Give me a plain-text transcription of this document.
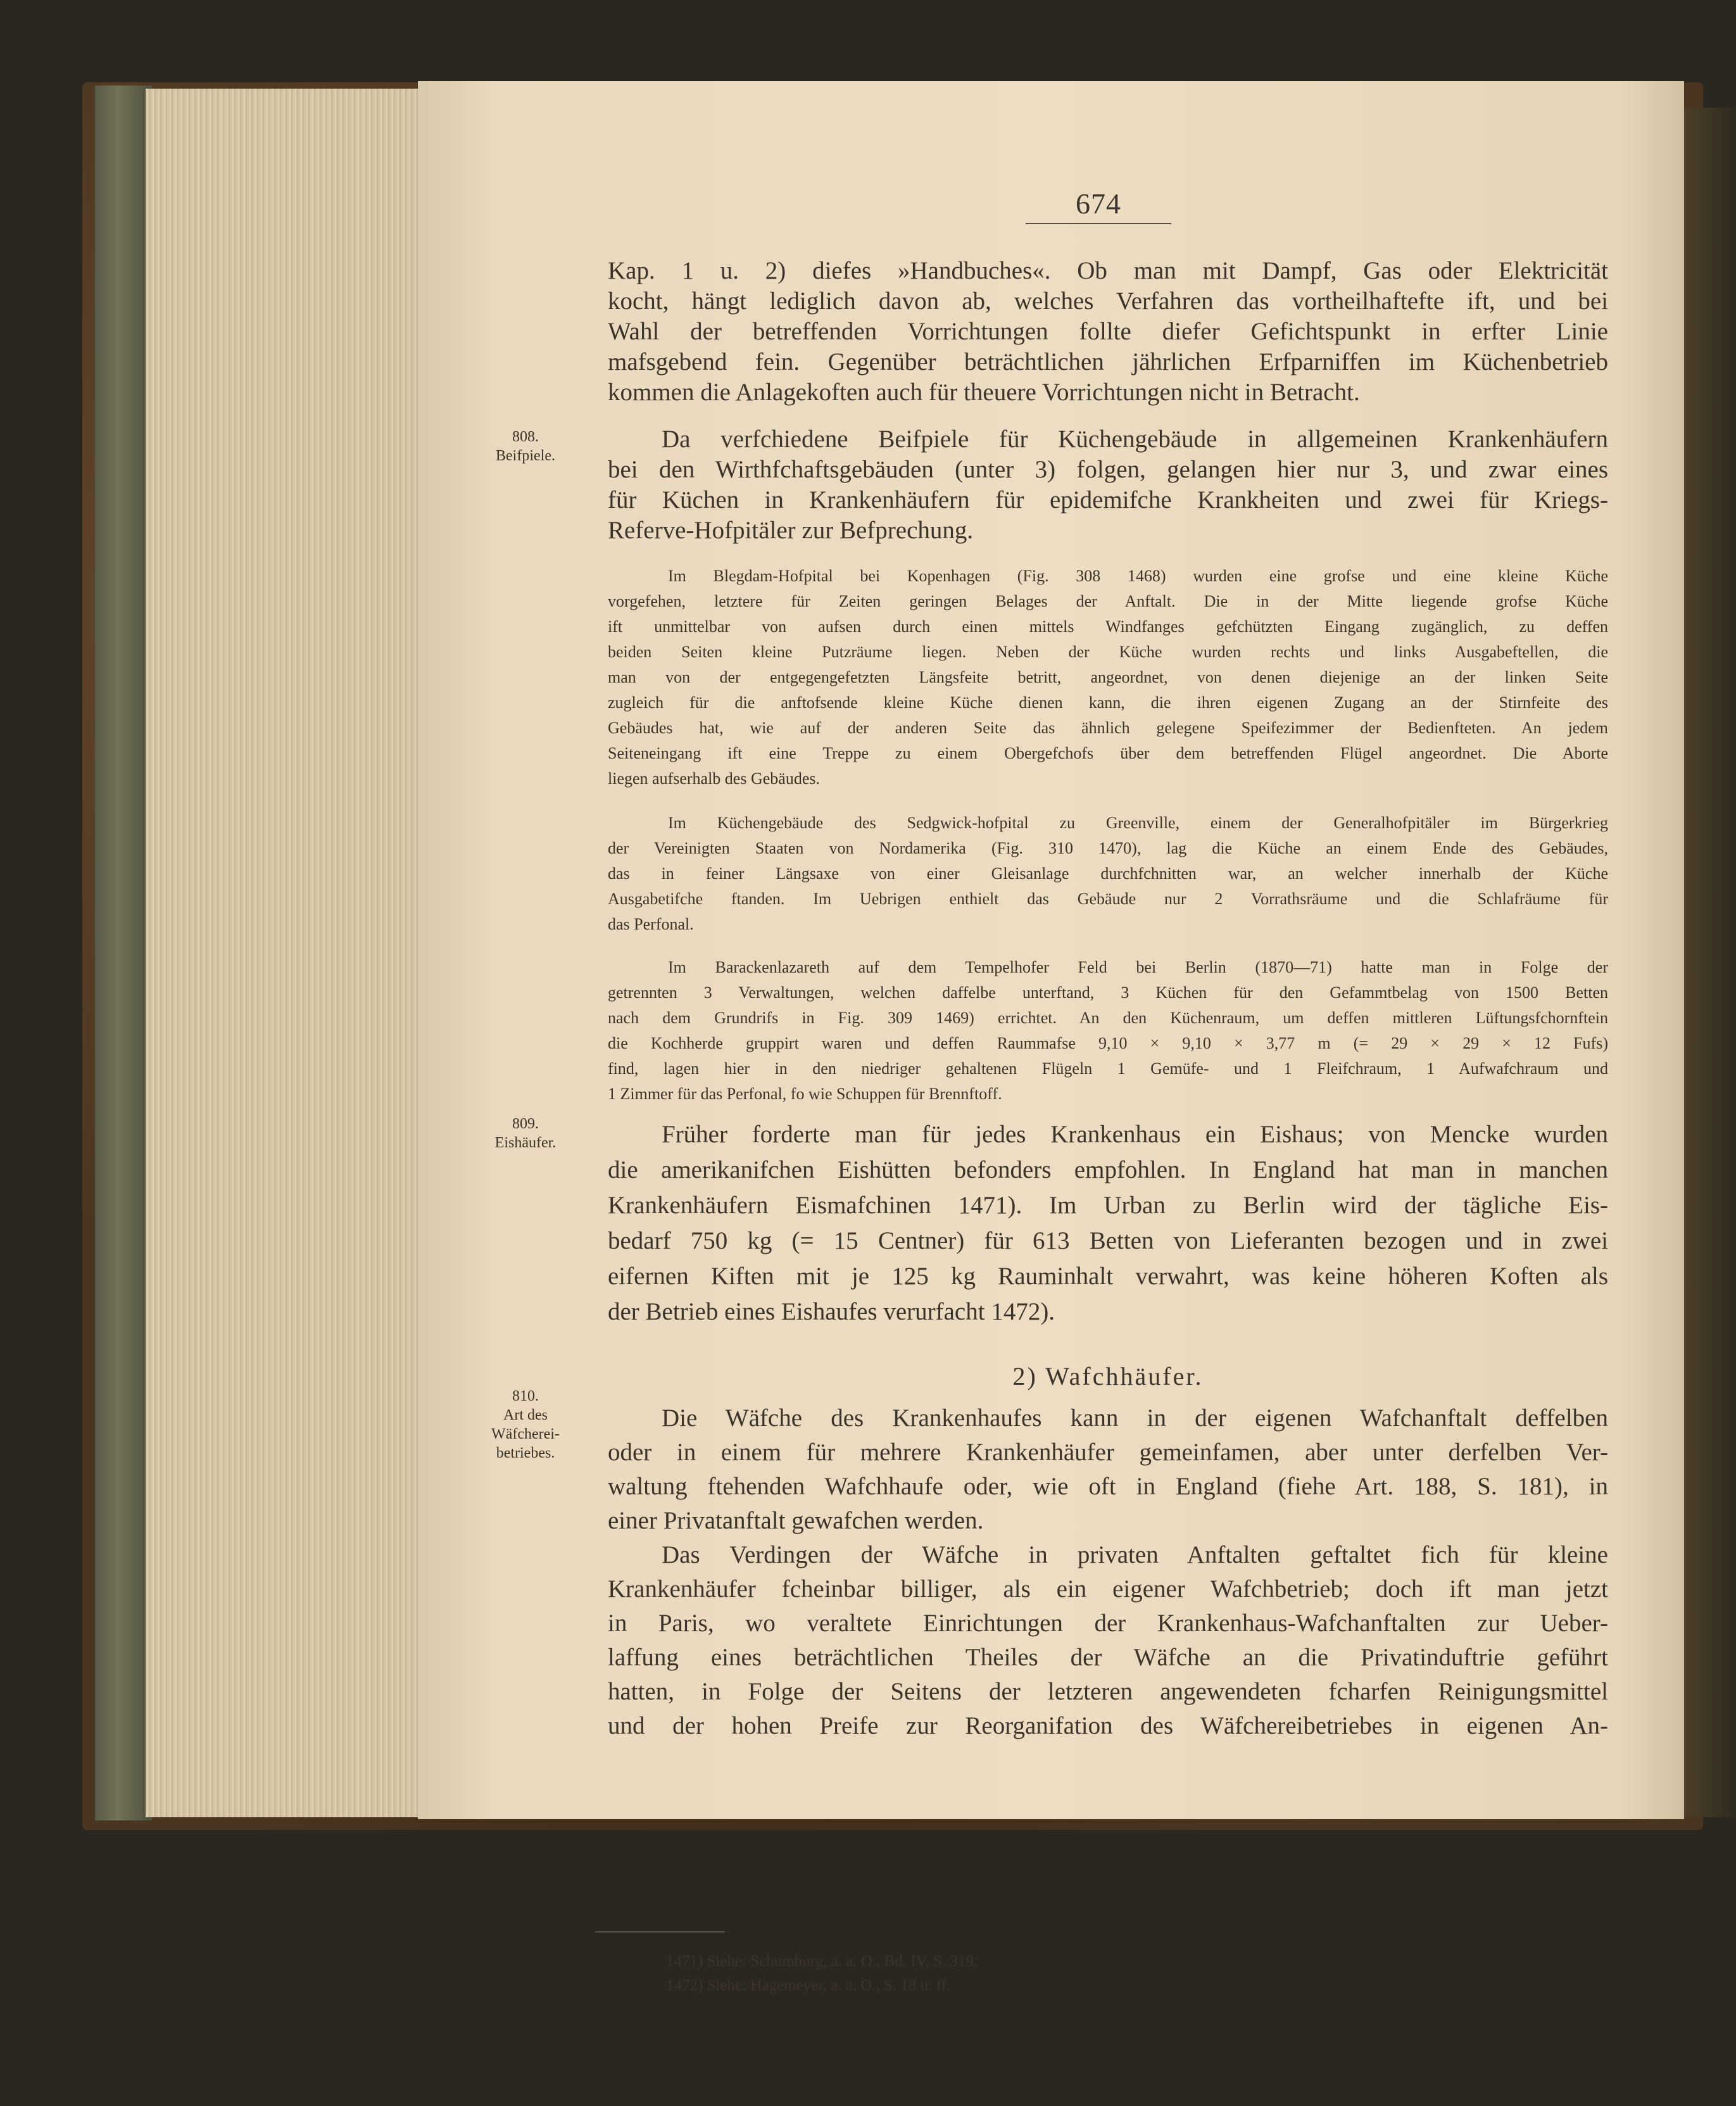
674
808.
Beifpiele.
809.
Eishäufer.
810.
Art des
Wäfcherei-
betriebes.
Kap. 1 u. 2) diefes »Handbuches«. Ob man mit Dampf, Gas oder Elektricität
kocht, hängt lediglich davon ab, welches Verfahren das vortheilhaftefte ift, und bei
Wahl der betreffenden Vorrichtungen follte diefer Gefichtspunkt in erfter Linie
mafsgebend fein. Gegenüber beträchtlichen jährlichen Erfparniffen im Küchenbetrieb
kommen die Anlagekoften auch für theuere Vorrichtungen nicht in Betracht.
Da verfchiedene Beifpiele für Küchengebäude in allgemeinen Krankenhäufern
bei den Wirthfchaftsgebäuden (unter 3) folgen, gelangen hier nur 3, und zwar eines
für Küchen in Krankenhäufern für epidemifche Krankheiten und zwei für Kriegs-
Referve-Hofpitäler zur Befprechung.
Im Blegdam-Hofpital bei Kopenhagen (Fig. 308 1468) wurden eine grofse und eine kleine Küche
vorgefehen, letztere für Zeiten geringen Belages der Anftalt. Die in der Mitte liegende grofse Küche
ift unmittelbar von aufsen durch einen mittels Windfanges gefchützten Eingang zugänglich, zu deffen
beiden Seiten kleine Putzräume liegen. Neben der Küche wurden rechts und links Ausgabeftellen, die
man von der entgegengefetzten Längsfeite betritt, angeordnet, von denen diejenige an der linken Seite
zugleich für die anftofsende kleine Küche dienen kann, die ihren eigenen Zugang an der Stirnfeite des
Gebäudes hat, wie auf der anderen Seite das ähnlich gelegene Speifezimmer der Bedienfteten. An jedem
Seiteneingang ift eine Treppe zu einem Obergefchofs über dem betreffenden Flügel angeordnet. Die Aborte
liegen aufserhalb des Gebäudes.
Im Küchengebäude des Sedgwick-hofpital zu Greenville, einem der Generalhofpitäler im Bürgerkrieg
der Vereinigten Staaten von Nordamerika (Fig. 310 1470), lag die Küche an einem Ende des Gebäudes,
das in feiner Längsaxe von einer Gleisanlage durchfchnitten war, an welcher innerhalb der Küche
Ausgabetifche ftanden. Im Uebrigen enthielt das Gebäude nur 2 Vorrathsräume und die Schlafräume für
das Perfonal.
Im Barackenlazareth auf dem Tempelhofer Feld bei Berlin (1870—71) hatte man in Folge der
getrennten 3 Verwaltungen, welchen daffelbe unterftand, 3 Küchen für den Gefammtbelag von 1500 Betten
nach dem Grundrifs in Fig. 309 1469) errichtet. An den Küchenraum, um deffen mittleren Lüftungsfchornftein
die Kochherde gruppirt waren und deffen Raummafse 9,10 × 9,10 × 3,77 m (= 29 × 29 × 12 Fufs)
find, lagen hier in den niedriger gehaltenen Flügeln 1 Gemüfe- und 1 Fleifchraum, 1 Aufwafchraum und
1 Zimmer für das Perfonal, fo wie Schuppen für Brennftoff.
Früher forderte man für jedes Krankenhaus ein Eishaus; von Mencke wurden
die amerikanifchen Eishütten befonders empfohlen. In England hat man in manchen
Krankenhäufern Eismafchinen 1471). Im Urban zu Berlin wird der tägliche Eis-
bedarf 750 kg (= 15 Centner) für 613 Betten von Lieferanten bezogen und in zwei
eifernen Kiften mit je 125 kg Rauminhalt verwahrt, was keine höheren Koften als
der Betrieb eines Eishaufes verurfacht 1472).
2) Wafchhäufer.
Die Wäfche des Krankenhaufes kann in der eigenen Wafchanftalt deffelben
oder in einem für mehrere Krankenhäufer gemeinfamen, aber unter derfelben Ver-
waltung ftehenden Wafchhaufe oder, wie oft in England (fiehe Art. 188, S. 181), in
einer Privatanftalt gewafchen werden.
Das Verdingen der Wäfche in privaten Anftalten geftaltet fich für kleine
Krankenhäufer fcheinbar billiger, als ein eigener Wafchbetrieb; doch ift man jetzt
in Paris, wo veraltete Einrichtungen der Krankenhaus-Wafchanftalten zur Ueber-
laffung eines beträchtlichen Theiles der Wäfche an die Privatinduftrie geführt
hatten, in Folge der Seitens der letzteren angewendeten fcharfen Reinigungsmittel
und der hohen Preife zur Reorganifation des Wäfchereibetriebes in eigenen An-
1471) Siehe: Schumburg, a. a. O., Bd. IV, S. 319.
1472) Siehe: Hagemeyer, a. a. O., S. 18 u. ff.
